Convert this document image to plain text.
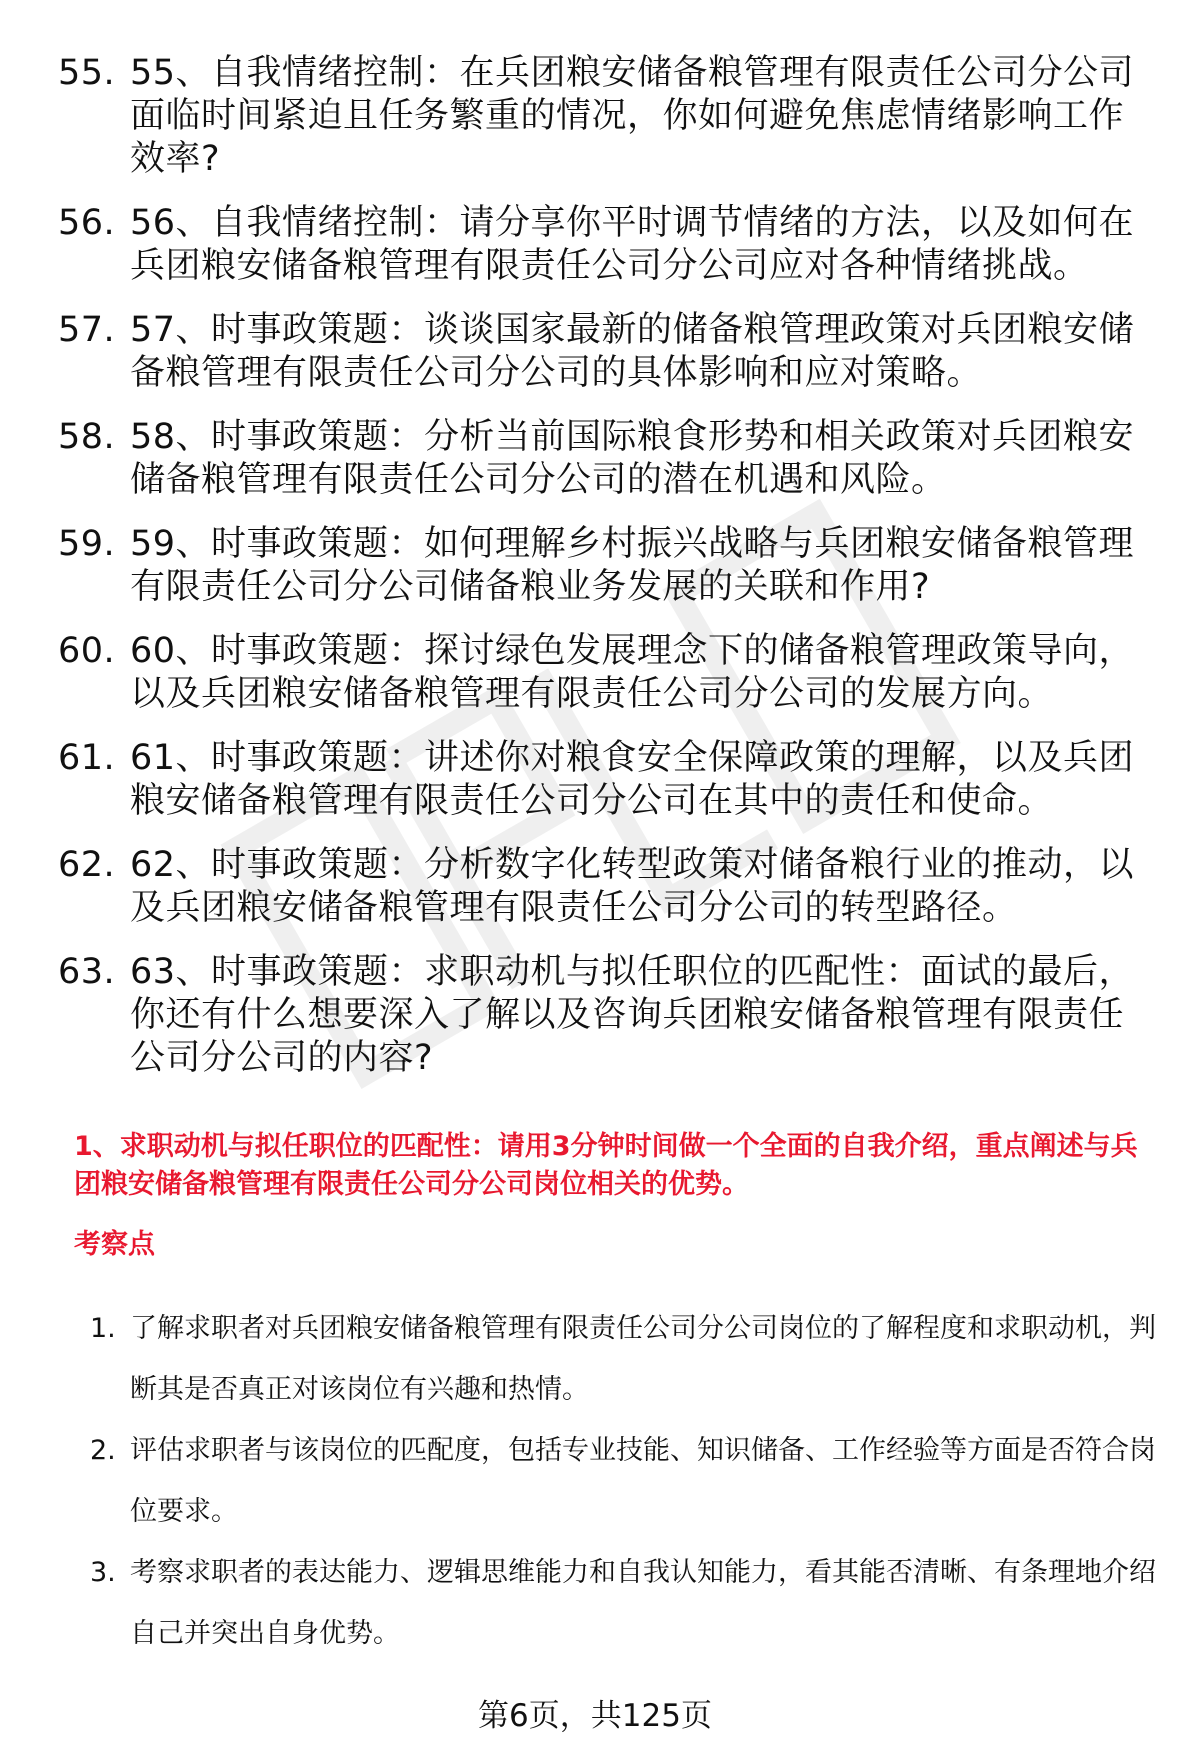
55. 55、自我情绪控制：在兵团粮安储备粮管理有限责任公司分公司面临时间紧迫且任务繁重的情况，你如何避免焦虑情绪影响工作效率?
56. 56、自我情绪控制：请分享你平时调节情绪的方法，以及如何在兵团粮安储备粮管理有限责任公司分公司应对各种情绪挑战。
57. 57、时事政策题：谈谈国家最新的储备粮管理政策对兵团粮安储备粮管理有限责任公司分公司的具体影响和应对策略。
58. 58、时事政策题：分析当前国际粮食形势和相关政策对兵团粮安储备粮管理有限责任公司分公司的潜在机遇和风险。
59. 59、时事政策题：如何理解乡村振兴战略与兵团粮安储备粮管理有限责任公司分公司储备粮业务发展的关联和作用?
60. 60、时事政策题：探讨绿色发展理念下的储备粮管理政策导向，以及兵团粮安储备粮管理有限责任公司分公司的发展方向。
61. 61、时事政策题：讲述你对粮食安全保障政策的理解，以及兵团粮安储备粮管理有限责任公司分公司在其中的责任和使命。
62. 62、时事政策题：分析数字化转型政策对储备粮行业的推动，以及兵团粮安储备粮管理有限责任公司分公司的转型路径。
63. 63、时事政策题：求职动机与拟任职位的匹配性：面试的最后，你还有什么想要深入了解以及咨询兵团粮安储备粮管理有限责任公司分公司的内容?
1、求职动机与拟任职位的匹配性：请用3分钟时间做一个全面的自我介绍，重点阐述与兵团粮安储备粮管理有限责任公司分公司岗位相关的优势。
考察点
1. 了解求职者对兵团粮安储备粮管理有限责任公司分公司岗位的了解程度和求职动机，判断其是否真正对该岗位有兴趣和热情。
2. 评估求职者与该岗位的匹配度，包括专业技能、知识储备、工作经验等方面是否符合岗位要求。
3. 考察求职者的表达能力、逻辑思维能力和自我认知能力，看其能否清晰、有条理地介绍自己并突出自身优势。
第6页，共125页
